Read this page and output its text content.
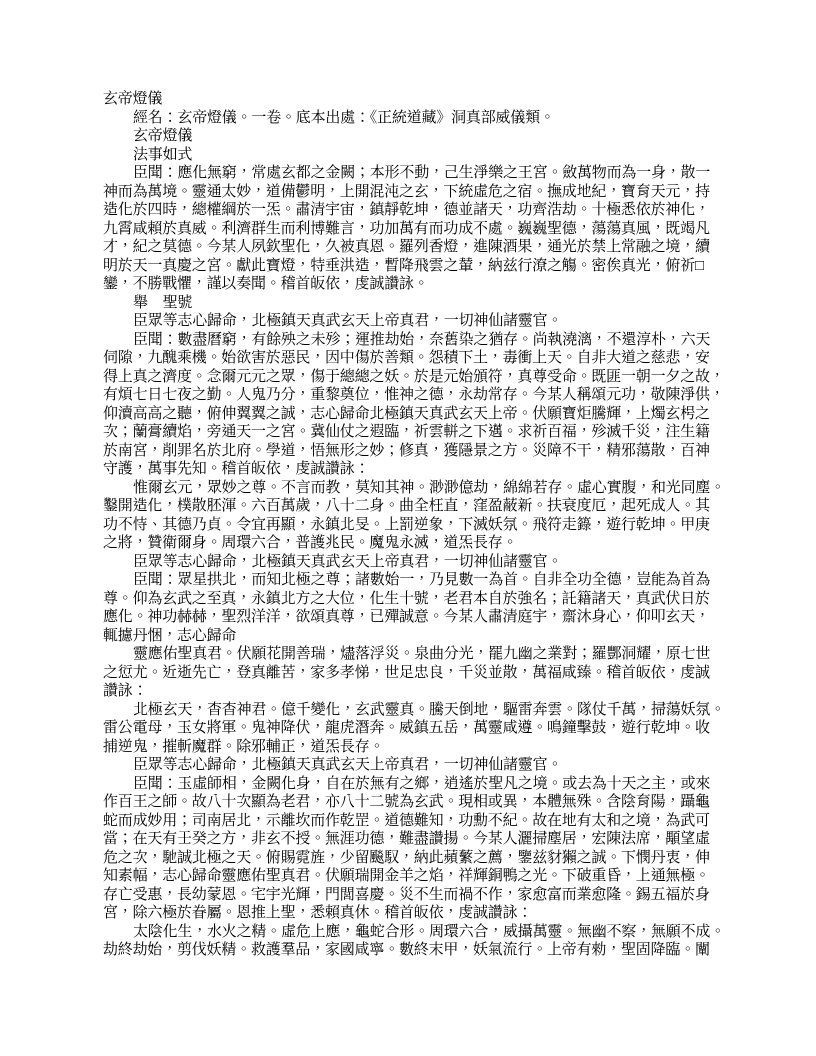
玄帝燈儀
經名：玄帝燈儀。一卷。底本出處：《正統道藏》洞真部威儀類。
玄帝燈儀
法事如式
臣聞：應化無窮，常處玄都之金闕；本形不動，己生淨樂之王宮。斂萬物而為一身，散一
神而為萬境。靈通太妙，道備鬱明，上開混沌之玄，下統虛危之宿。撫成地紀，寶育天元，持
造化於四時，總權綱於一炁。肅清宇宙，鎮靜乾坤，德並諸天，功齊浩劫。十極悉依於神化，
九霄咸賴於真威。利濟群生而利博難言，功加萬有而功成不處。巍巍聖德，蕩蕩真風，既竭凡
才，紀之莫德。今某人夙欽聖化，久被真恩。羅列香燈，進陳酒果，通光於禁上常融之境，續
明於天一真慶之宮。獻此寶燈，特垂洪造，暫降飛雲之輦，納兹行潦之觴。密俟真光，俯祈□
鑾，不勝戰懼，謹以奏聞。稽首皈依，虔誠讚詠。
舉　聖號
臣眾等志心歸命，北極鎮天真武玄天上帝真君，一切神仙諸靈官。
臣聞：數盡曆窮，有餘殃之未殄；運推劫始，奈舊染之猶存。尚執澆漓，不還淳朴，六天
伺隙，九醜乘機。始欲害於惡民，因中傷於善類。怨積下土，毒衝上天。自非大道之慈悲，安
得上真之濟度。念爾元元之眾，傷于總總之妖。於是元始頒符，真尊受命。既匪一朝一夕之故，
有煩七日七夜之勤。人鬼乃分，重黎奠位，惟神之德，永劫常存。今某人稱頌元功，敬陳淨供，
仰瀆高高之聽，俯伸翼翼之誠，志心歸命北極鎮天真武玄天上帝。伏願寶炬騰輝，上燭玄枵之
次；蘭膏續焰，旁通天一之宮。冀仙仗之遐臨，祈雲軿之下邁。求祈百福，殄滅千災，注生籍
於南宮，削罪名於北府。學道，悟無形之妙；修真，獲隱景之方。災障不干，精邪蕩散，百神
守護，萬事先知。稽首皈依，虔誠讚詠：
惟爾玄元，眾妙之尊。不言而教，莫知其神。渺渺億劫，綿綿若存。虛心實腹，和光同塵。
鑿開造化，樸散胚渾。六百萬歲，八十二身。曲全枉直，窪盈蔽新。扶衰度厄，起死成人。其
功不恃、其德乃貞。令宜再顯，永鎮北旻。上罰逆象，下滅妖氛。飛符走籙，遊行乾坤。甲庚
之將，贊衛爾身。周環六合，普護兆民。魔鬼永滅，道炁長存。
臣眾等志心歸命，北極鎮天真武玄天上帝真君，一切神仙諸靈官。
臣聞：眾星拱北，而知北極之尊；諸數始一，乃見數一為首。自非全功全德，豈能為首為
尊。仰為玄武之至真，永鎮北方之大位，化生十號，老君本自於強名；託籍諸天，真武伏日於
應化。神功赫赫，聖烈洋洋，欲頌真尊，已殫誠意。今某人肅清庭宇，齋沐身心，仰叩玄天，
輒攄丹悃，志心歸命
靈應佑聖真君。伏願花開善瑞，燼落浮災。泉曲分光，罷九幽之業對；羅酆洞耀，原七世
之愆尤。近逝先亡，登真離苦，家多孝悌，世足忠良，千災並散，萬福咸臻。稽首皈依，虔誠
讚詠：
北極玄天，杳杳神君。億千變化，玄武靈真。騰天倒地，驅雷奔雲。隊仗千萬，掃蕩妖氛。
雷公電母，玉女將軍。鬼神降伏，龍虎潛奔。威鎮五岳，萬靈咸遵。鳴鐘擊鼓，遊行乾坤。收
捕逆鬼，摧斬魔群。除邪輔正，道炁長存。
臣眾等志心歸命，北極鎮天真武玄天上帝真君，一切神仙諸靈官。
臣聞：玉虛師相，金闕化身，自在於無有之鄉，逍遙於聖凡之境。或去為十天之主，或來
作百王之師。故八十次顯為老君，亦八十二號為玄武。現相或異，本體無殊。含陰育陽，躡龜
蛇而成妙用；司南居北，示離坎而作乾罡。道德難知，功勳不紀。故在地有太和之境，為武可
當；在天有壬癸之方，非玄不授。無涯功德，難盡讚揚。今某人灑掃塵居，宏陳法席，顒望虛
危之次，馳誠北極之天。俯賜霓旌，少留飈馭，納此蘋蘩之薦，鑒兹豺獺之誠。下憫丹衷，伸
知素幅，志心歸命靈應佑聖真君。伏願瑞開金羊之焰，祥輝銅鴨之光。下破重昏，上通無極。
存亡受惠，長幼蒙恩。宅宇光輝，門閭喜慶。災不生而禍不作，家愈富而業愈隆。錫五福於身
宮，除六極於眷屬。恩推上聖，悉賴真休。稽首皈依，虔誠讚詠：
太陰化生，水火之精。虛危上應，龜蛇合形。周環六合，威攝萬靈。無幽不察，無願不成。
劫終劫始，剪伐妖精。救護羣品，家國咸寧。數終末甲，妖氣流行。上帝有勑，聖固降臨。闡
